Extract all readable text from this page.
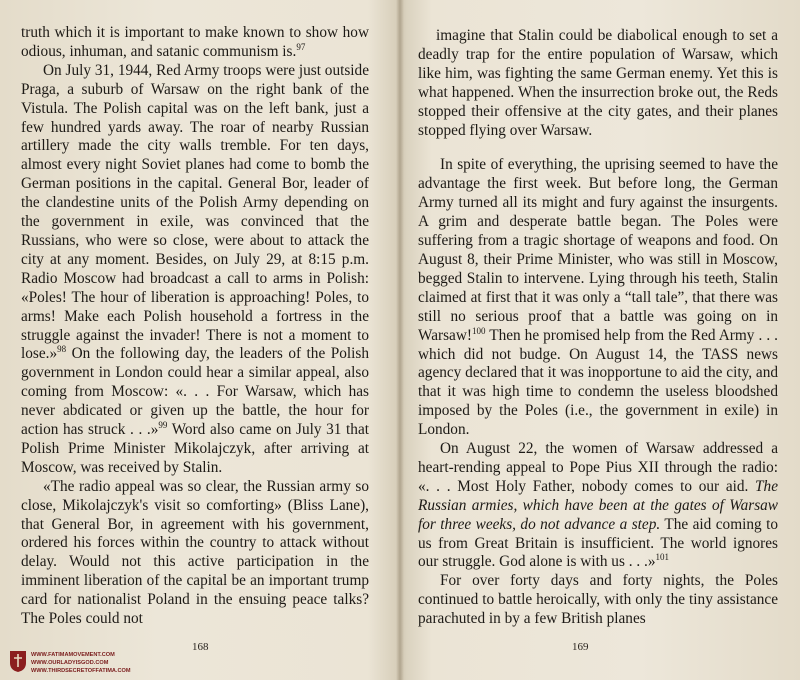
truth which it is important to make known to show how odious, inhuman, and satanic communism is.$^{97}$

On July 31, 1944, Red Army troops were just outside Praga, a suburb of Warsaw on the right bank of the Vistula. The Polish capital was on the left bank, just a few hundred yards away. The roar of nearby Russian artillery made the city walls tremble. For ten days, almost every night Soviet planes had come to bomb the German positions in the capital. General Bor, leader of the clandestine units of the Polish Army depending on the government in exile, was convinced that the Russians, who were so close, were about to attack the city at any moment. Besides, on July 29, at 8:15 p.m. Radio Moscow had broadcast a call to arms in Polish: «Poles! The hour of liberation is approaching! Poles, to arms! Make each Polish household a fortress in the struggle against the invader! There is not a moment to lose.»$^{98}$ On the following day, the leaders of the Polish government in London could hear a similar appeal, also coming from Moscow: «. . . For Warsaw, which has never abdicated or given up the battle, the hour for action has struck . . .»$^{99}$ Word also came on July 31 that Polish Prime Minister Mikolajczyk, after arriving at Moscow, was received by Stalin.

«The radio appeal was so clear, the Russian army so close, Mikolajczyk's visit so comforting» (Bliss Lane), that General Bor, in agreement with his government, ordered his forces within the country to attack without delay. Would not this active participation in the imminent liberation of the capital be an important trump card for nationalist Poland in the ensuing peace talks? The Poles could not

168
WWW.FATIMAMOVEMENT.COM
WWW.OURLADYISGOD.COM
WWW.THIRDSECRETOFFATIMA.COM

imagine that Stalin could be diabolical enough to set a deadly trap for the entire population of Warsaw, which like him, was fighting the same German enemy. Yet this is what happened. When the insurrection broke out, the Reds stopped their offensive at the city gates, and their planes stopped flying over Warsaw.

In spite of everything, the uprising seemed to have the advantage the first week. But before long, the German Army turned all its might and fury against the insurgents. A grim and desperate battle began. The Poles were suffering from a tragic shortage of weapons and food. On August 8, their Prime Minister, who was still in Moscow, begged Stalin to intervene. Lying through his teeth, Stalin claimed at first that it was only a “tall tale”, that there was still no serious proof that a battle was going on in Warsaw!$^{100}$ Then he promised help from the Red Army . . . which did not budge. On August 14, the TASS news agency declared that it was inopportune to aid the city, and that it was high time to condemn the useless bloodshed imposed by the Poles (i.e., the government in exile) in London.

On August 22, the women of Warsaw addressed a heart-rending appeal to Pope Pius XII through the radio: «. . . Most Holy Father, nobody comes to our aid. The Russian armies, which have been at the gates of Warsaw for three weeks, do not advance a step. The aid coming to us from Great Britain is insufficient. The world ignores our struggle. God alone is with us . . .»$^{101}$

For over forty days and forty nights, the Poles continued to battle heroically, with only the tiny assistance parachuted in by a few British planes

169
